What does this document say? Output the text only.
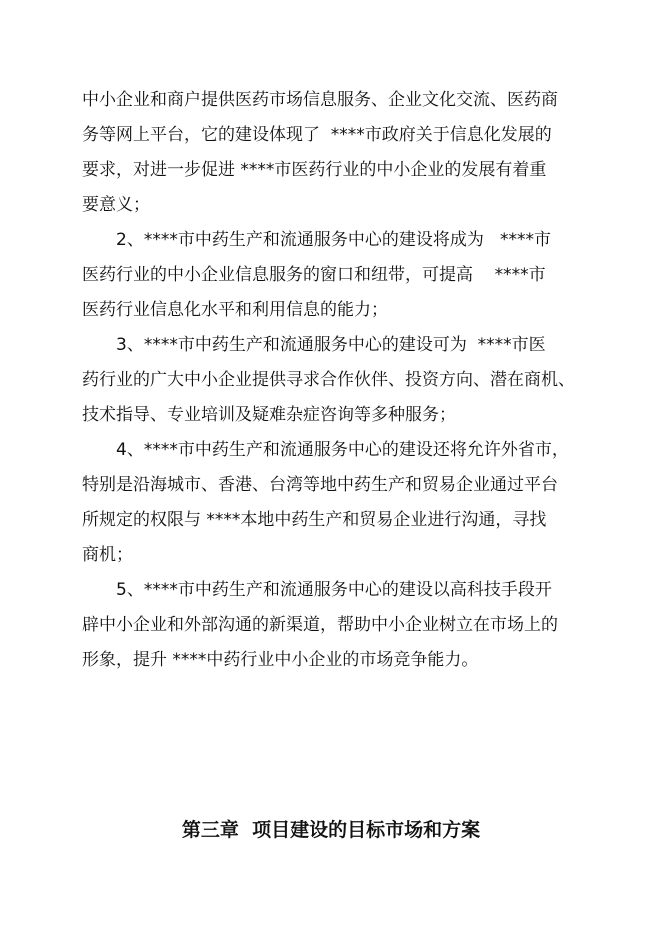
中小企业和商户提供医药市场信息服务、企业文化交流、医药商
务等网上平台，它的建设体现了  ****市政府关于信息化发展的
要求，对进一步促进 ****市医药行业的中小企业的发展有着重
要意义；
2、****市中药生产和流通服务中心的建设将成为   ****市
医药行业的中小企业信息服务的窗口和纽带，可提高    ****市
医药行业信息化水平和利用信息的能力；
3、****市中药生产和流通服务中心的建设可为  ****市医
药行业的广大中小企业提供寻求合作伙伴、投资方向、潜在商机、
技术指导、专业培训及疑难杂症咨询等多种服务；
4、****市中药生产和流通服务中心的建设还将允许外省市，
特别是沿海城市、香港、台湾等地中药生产和贸易企业通过平台
所规定的权限与 ****本地中药生产和贸易企业进行沟通，寻找
商机；
5、****市中药生产和流通服务中心的建设以高科技手段开
辟中小企业和外部沟通的新渠道，帮助中小企业树立在市场上的
形象，提升 ****中药行业中小企业的市场竞争能力。
第三章  项目建设的目标市场和方案
